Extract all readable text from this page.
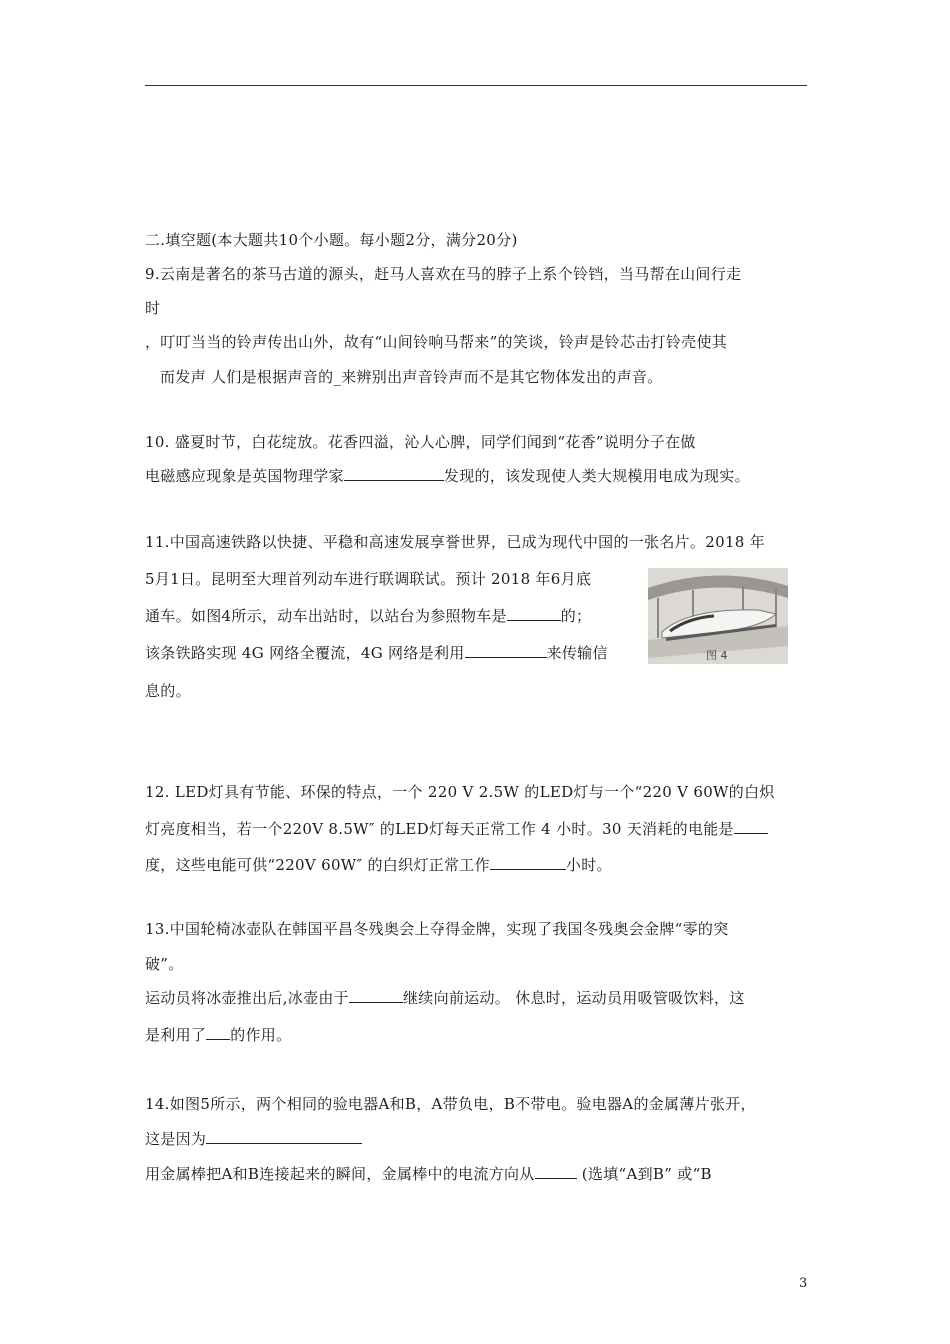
二.填空题(本大题共10个小题。每小题2分，满分20分)
9.云南是著名的茶马古道的源头，赶马人喜欢在马的脖子上系个铃铛，当马帮在山间行走
时
，叮叮当当的铃声传出山外，故有“山间铃响马帮来”的笑谈，铃声是铃芯击打铃壳使其
而发声 人们是根据声音的_来辨别出声音铃声而不是其它物体发出的声音。
10. 盛夏时节，白花绽放。花香四溢，沁人心脾，同学们闻到“花香”说明分子在做
电磁感应现象是英国物理学家	发现的，该发现使人类大规模用电成为现实。
11.中国高速铁路以快捷、平稳和高速发展享誉世界，已成为现代中国的一张名片。2018 年
5月1日。昆明至大理首列动车进行联调联试。预计 2018 年6月底
通车。如图4所示，动车出站时，以站台为参照物车是	的；
该条铁路实现 4G 网络全覆流，4G 网络是利用	来传输信
息的。
图 4
12. LED灯具有节能、环保的特点，一个 220 V 2.5W 的LED灯与一个“220 V 60W的白炽
灯亮度相当，若一个220V 8.5W″ 的LED灯每天正常工作 4 小时。30 天消耗的电能是
度，这些电能可供“220V 60W″ 的白织灯正常工作	小时。
13.中国轮椅冰壶队在韩国平昌冬残奥会上夺得金牌，实现了我国冬残奥会金牌“零的突
破”。
运动员将冰壶推出后,冰壶由于	继续向前运动。 休息时，运动员用吸管吸饮料，这
是利用了 的作用。
14.如图5所示，两个相同的验电器A和B，A带负电，B不带电。验电器A的金属薄片张开，
这是因为
用金属棒把A和B连接起来的瞬间，金属棒中的电流方向从	(选填“A到B” 或“B
3
